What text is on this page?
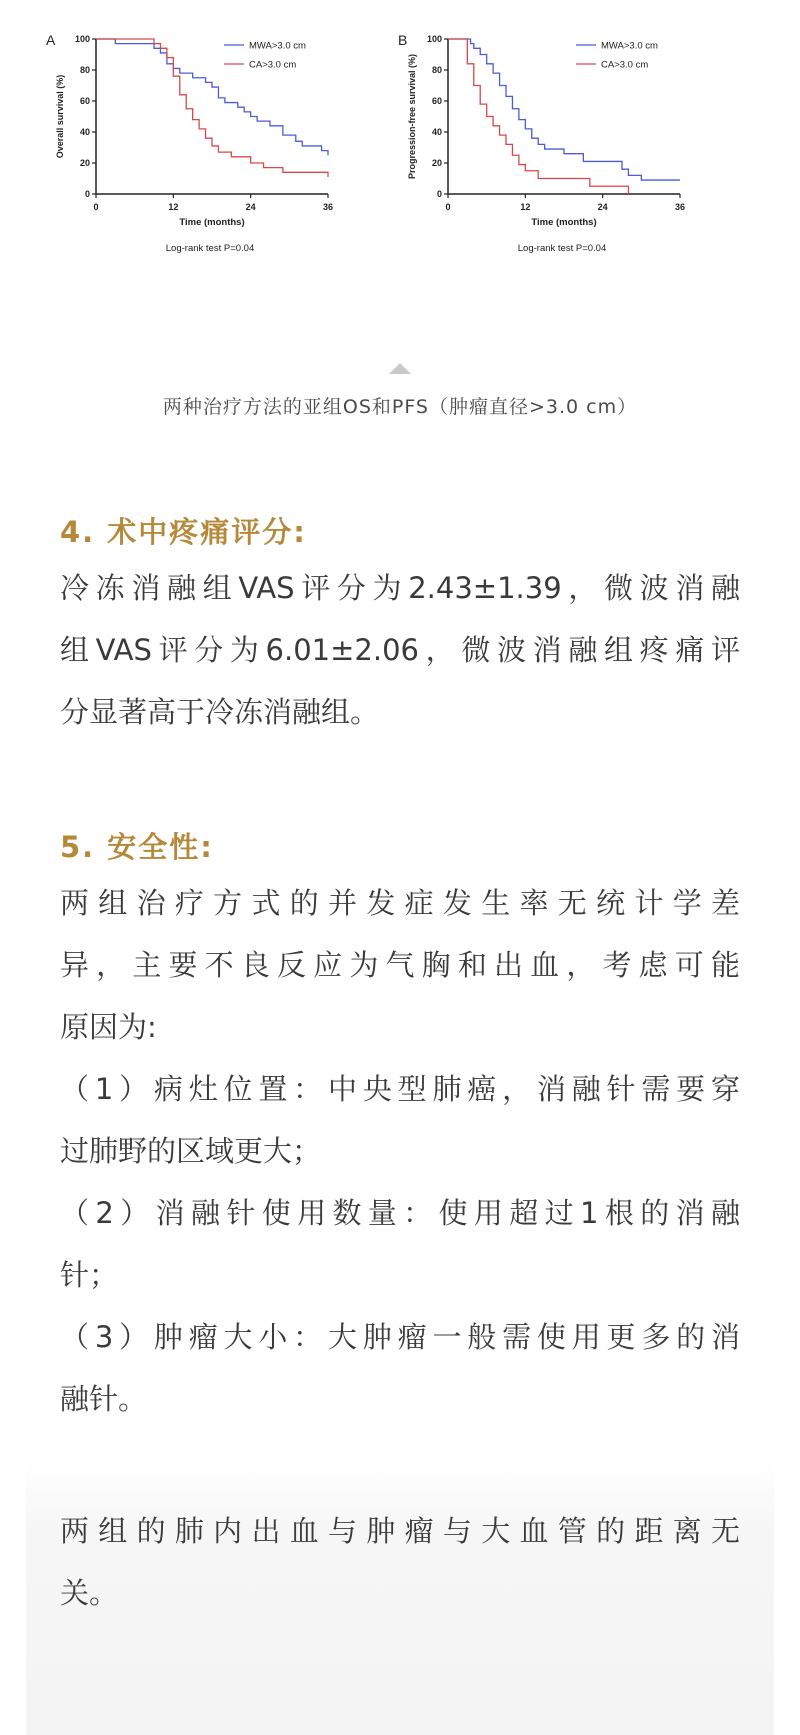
A
0
20
40
60
80
100
0	12	24	36
Time (months)
Overall survival (%)
Log-rank test P=0.04
MWA>3.0 cm
CA>3.0 cm
B
0
20
40
60
80
100
0	12	24	36
Time (months)
Progression-free survival (%)
Log-rank test P=0.04
MWA>3.0 cm
CA>3.0 cm
两种治疗方法的亚组OS和PFS（肿瘤直径>3.0 cm）
4. 术中疼痛评分:
冷冻消融组VAS评分为2.43±1.39，微波消融
组VAS评分为6.01±2.06，微波消融组疼痛评
分显著高于冷冻消融组。
5. 安全性:
两组治疗方式的并发症发生率无统计学差
异，主要不良反应为气胸和出血，考虑可能
原因为:
（1）病灶位置：中央型肺癌，消融针需要穿
过肺野的区域更大；
（2）消融针使用数量：使用超过1根的消融
针；
（3）肿瘤大小：大肿瘤一般需使用更多的消
融针。
两组的肺内出血与肿瘤与大血管的距离无
关。
